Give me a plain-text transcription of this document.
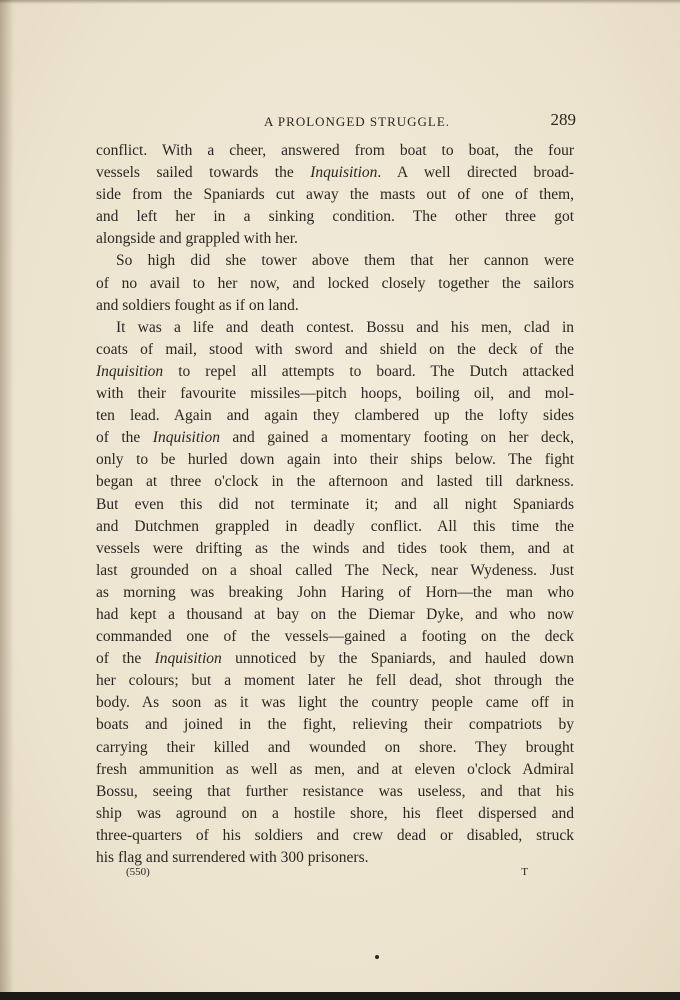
A PROLONGED STRUGGLE.	289

conflict. With a cheer, answered from boat to boat, the four

vessels sailed towards the Inquisition. A well directed broad-

side from the Spaniards cut away the masts out of one of them,

and left her in a sinking condition. The other three got

alongside and grappled with her.

So high did she tower above them that her cannon were

of no avail to her now, and locked closely together the sailors

and soldiers fought as if on land.

It was a life and death contest. Bossu and his men, clad in

coats of mail, stood with sword and shield on the deck of the

Inquisition to repel all attempts to board. The Dutch attacked

with their favourite missiles—pitch hoops, boiling oil, and mol-

ten lead. Again and again they clambered up the lofty sides

of the Inquisition and gained a momentary footing on her deck,

only to be hurled down again into their ships below. The fight

began at three o'clock in the afternoon and lasted till darkness.

But even this did not terminate it; and all night Spaniards

and Dutchmen grappled in deadly conflict. All this time the

vessels were drifting as the winds and tides took them, and at

last grounded on a shoal called The Neck, near Wydeness. Just

as morning was breaking John Haring of Horn—the man who

had kept a thousand at bay on the Diemar Dyke, and who now

commanded one of the vessels—gained a footing on the deck

of the Inquisition unnoticed by the Spaniards, and hauled down

her colours; but a moment later he fell dead, shot through the

body. As soon as it was light the country people came off in

boats and joined in the fight, relieving their compatriots by

carrying their killed and wounded on shore. They brought

fresh ammunition as well as men, and at eleven o'clock Admiral

Bossu, seeing that further resistance was useless, and that his

ship was aground on a hostile shore, his fleet dispersed and

three-quarters of his soldiers and crew dead or disabled, struck

his flag and surrendered with 300 prisoners.

(550)	T
